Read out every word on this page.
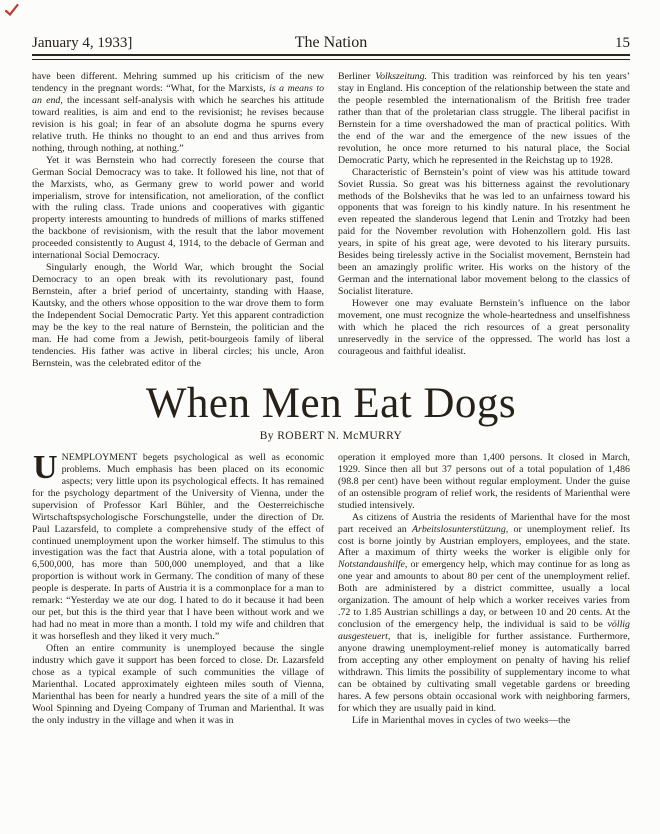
January 4, 1933]	The Nation	15

have been different. Mehring summed up his criticism of the new tendency in the pregnant words: “What, for the Marxists, is a means to an end, the incessant self-analysis with which he searches his attitude toward realities, is aim and end to the revisionist; he revises because revision is his goal; in fear of an absolute dogma he spurns every relative truth. He thinks no thought to an end and thus arrives from nothing, through nothing, at nothing.”

Yet it was Bernstein who had correctly foreseen the course that German Social Democracy was to take. It followed his line, not that of the Marxists, who, as Germany grew to world power and world imperialism, strove for intensification, not amelioration, of the conflict with the ruling class. Trade unions and cooperatives with gigantic property interests amounting to hundreds of millions of marks stiffened the backbone of revisionism, with the result that the labor movement proceeded consistently to August 4, 1914, to the debacle of German and international Social Democracy.

Singularly enough, the World War, which brought the Social Democracy to an open break with its revolutionary past, found Bernstein, after a brief period of uncertainty, standing with Haase, Kautsky, and the others whose opposition to the war drove them to form the Independent Social Democratic Party. Yet this apparent contradiction may be the key to the real nature of Bernstein, the politician and the man. He had come from a Jewish, petit-bourgeois family of liberal tendencies. His father was active in liberal circles; his uncle, Aron Bernstein, was the celebrated editor of the

Berliner Volkszeitung. This tradition was reinforced by his ten years’ stay in England. His conception of the relationship between the state and the people resembled the internationalism of the British free trader rather than that of the proletarian class struggle. The liberal pacifist in Bernstein for a time overshadowed the man of practical politics. With the end of the war and the emergence of the new issues of the revolution, he once more returned to his natural place, the Social Democratic Party, which he represented in the Reichstag up to 1928.

Characteristic of Bernstein’s point of view was his attitude toward Soviet Russia. So great was his bitterness against the revolutionary methods of the Bolsheviks that he was led to an unfairness toward his opponents that was foreign to his kindly nature. In his resentment he even repeated the slanderous legend that Lenin and Trotzky had been paid for the November revolution with Hohenzollern gold. His last years, in spite of his great age, were devoted to his literary pursuits. Besides being tirelessly active in the Socialist movement, Bernstein had been an amazingly prolific writer. His works on the history of the German and the international labor movement belong to the classics of Socialist literature.

However one may evaluate Bernstein’s influence on the labor movement, one must recognize the whole-heartedness and unselfishness with which he placed the rich resources of a great personality unreservedly in the service of the oppressed. The world has lost a courageous and faithful idealist.

When Men Eat Dogs
By ROBERT N. McMURRY

UNEMPLOYMENT begets psychological as well as economic problems. Much emphasis has been placed on its economic aspects; very little upon its psychological effects. It has remained for the psychology department of the University of Vienna, under the supervision of Professor Karl Bühler, and the Oesterreichische Wirtschaftspsychologische Forschungstelle, under the direction of Dr. Paul Lazarsfeld, to complete a comprehensive study of the effect of continued unemployment upon the worker himself. The stimulus to this investigation was the fact that Austria alone, with a total population of 6,500,000, has more than 500,000 unemployed, and that a like proportion is without work in Germany. The condition of many of these people is desperate. In parts of Austria it is a commonplace for a man to remark: “Yesterday we ate our dog. I hated to do it because it had been our pet, but this is the third year that I have been without work and we had had no meat in more than a month. I told my wife and children that it was horseflesh and they liked it very much.”

Often an entire community is unemployed because the single industry which gave it support has been forced to close. Dr. Lazarsfeld chose as a typical example of such communities the village of Marienthal. Located approximately eighteen miles south of Vienna, Marienthal has been for nearly a hundred years the site of a mill of the Wool Spinning and Dyeing Company of Truman and Marienthal. It was the only industry in the village and when it was in

operation it employed more than 1,400 persons. It closed in March, 1929. Since then all but 37 persons out of a total population of 1,486 (98.8 per cent) have been without regular employment. Under the guise of an ostensible program of relief work, the residents of Marienthal were studied intensively.

As citizens of Austria the residents of Marienthal have for the most part received an Arbeitslosunterstützung, or unemployment relief. Its cost is borne jointly by Austrian employers, employees, and the state. After a maximum of thirty weeks the worker is eligible only for Notstandaushilfe, or emergency help, which may continue for as long as one year and amounts to about 80 per cent of the unemployment relief. Both are administered by a district committee, usually a local organization. The amount of help which a worker receives varies from .72 to 1.85 Austrian schillings a day, or between 10 and 20 cents. At the conclusion of the emergency help, the individual is said to be völlig ausgesteuert, that is, ineligible for further assistance. Furthermore, anyone drawing unemployment-relief money is automatically barred from accepting any other employment on penalty of having his relief withdrawn. This limits the possibility of supplementary income to what can be obtained by cultivating small vegetable gardens or breeding hares. A few persons obtain occasional work with neighboring farmers, for which they are usually paid in kind.

Life in Marienthal moves in cycles of two weeks—the
